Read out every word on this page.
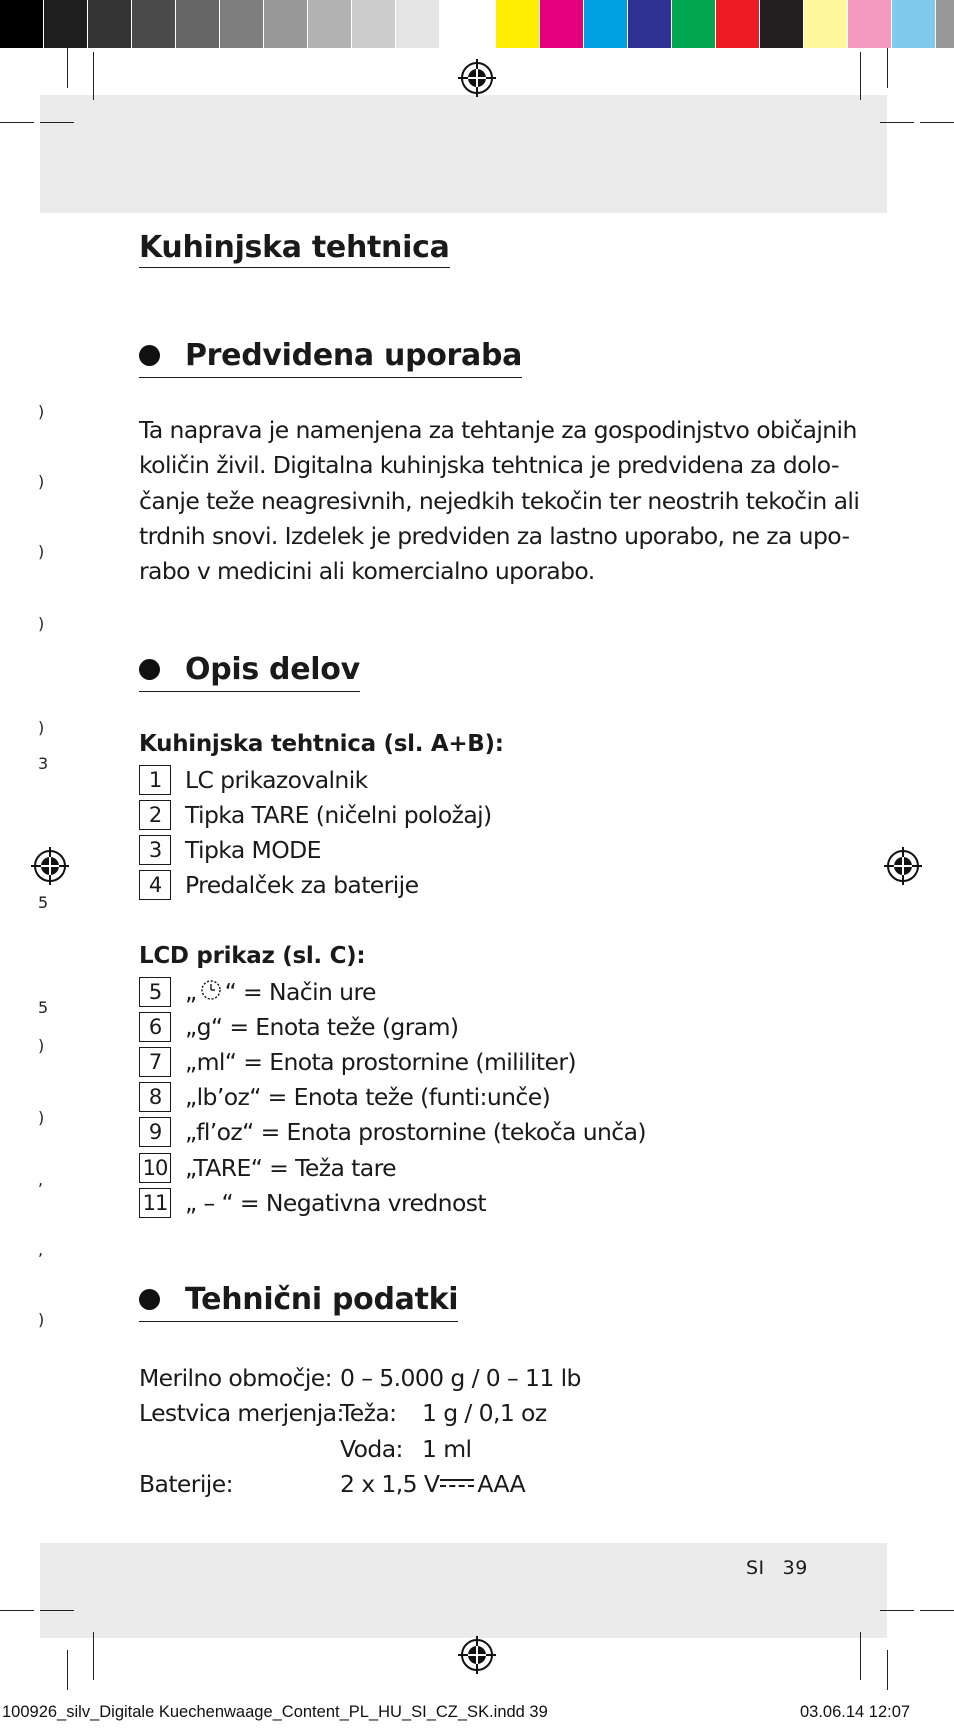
)
)
)
)
)
3
5
5
)
)
,
,
)
Kuhinjska tehtnica
Predvidena uporaba
Ta naprava je namenjena za tehtanje za gospodinjstvo običajnih
količin živil. Digitalna kuhinjska tehtnica je predvidena za dolo-
čanje teže neagresivnih, nejedkih tekočin ter neostrih tekočin ali
trdnih snovi. Izdelek je predviden za lastno uporabo, ne za upo-
rabo v medicini ali komercialno uporabo.
Opis delov
Kuhinjska tehtnica (sl. A+B):
1	LC prikazovalnik
2	Tipka TARE (ničelni položaj)
3	Tipka MODE
4	Predalček za baterije
LCD prikaz (sl. C):
5	„ “ = Način ure
6	„g“ = Enota teže (gram)
7	„ml“ = Enota prostornine (mililiter)
8	„lb’oz“ = Enota teže (funti:unče)
9	„fl’oz“ = Enota prostornine (tekoča unča)
10 „TARE“ = Teža tare
11 „ – “ = Negativna vrednost
Tehnični podatki
Merilno območje: 0 – 5.000 g / 0 – 11 lb
Lestvica merjenja:
Teža: 1 g / 0,1 oz
Voda: 1 ml
Baterije:	2 x 1,5 V AAA
SI 39
100926_silv_Digitale Kuechenwaage_Content_PL_HU_SI_CZ_SK.indd 39	03.06.14 12:07
